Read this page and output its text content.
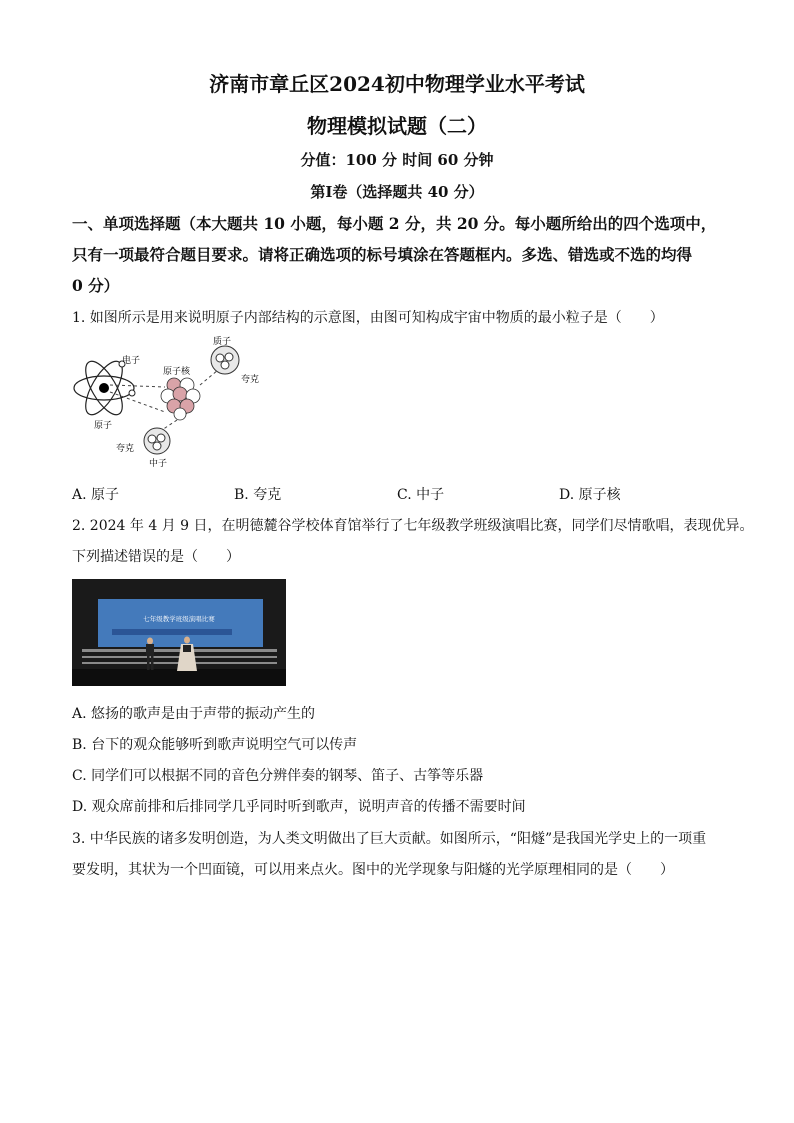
济南市章丘区2024初中物理学业水平考试
物理模拟试题（二）
分值：100 分 时间 60 分钟
第Ⅰ卷（选择题共 40 分）
一、单项选择题（本大题共 10 小题，每小题 2 分，共 20 分。每小题所给出的四个选项中，
只有一项最符合题目要求。请将正确选项的标号填涂在答题框内。多选、错选或不选的均得
0 分）
1. 如图所示是用来说明原子内部结构的示意图，由图可知构成宇宙中物质的最小粒子是（　　）
电子
原子核
质子
夸克
原子
夸克
中子
A. 原子	B. 夸克	C. 中子	D. 原子核
2. 2024 年 4 月 9 日，在明德麓谷学校体育馆举行了七年级教学班级演唱比赛，同学们尽情歌唱，表现优异。
下列描述错误的是（　　）
七年级教学班级演唱比赛
A. 悠扬的歌声是由于声带的振动产生的
B. 台下的观众能够听到歌声说明空气可以传声
C. 同学们可以根据不同的音色分辨伴奏的钢琴、笛子、古筝等乐器
D. 观众席前排和后排同学几乎同时听到歌声，说明声音的传播不需要时间
3. 中华民族的诸多发明创造，为人类文明做出了巨大贡献。如图所示，“阳燧”是我国光学史上的一项重
要发明，其状为一个凹面镜，可以用来点火。图中的光学现象与阳燧的光学原理相同的是（　　）
